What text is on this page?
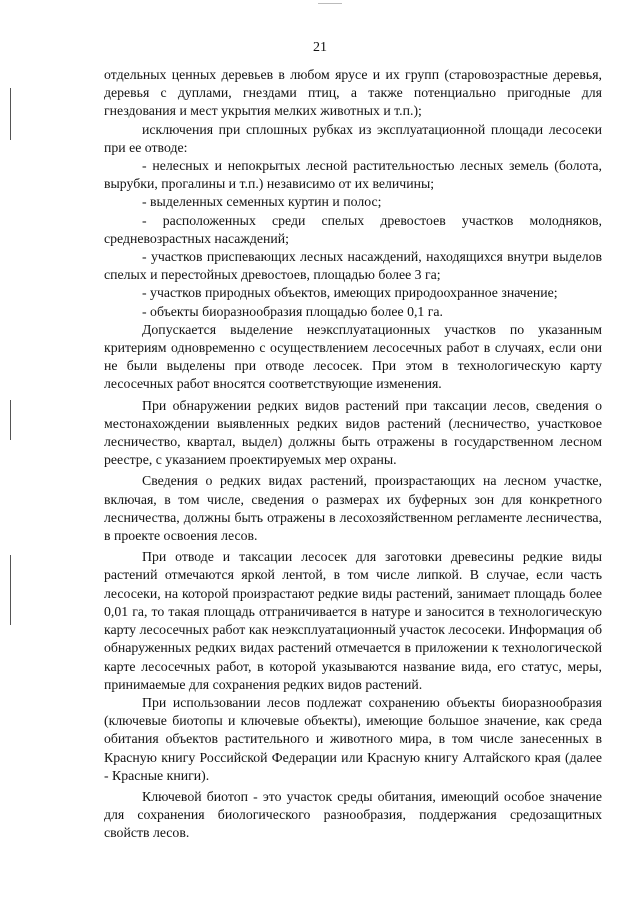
21

отдельных ценных деревьев в любом ярусе и их групп (старовозрастные деревья, деревья с дуплами, гнездами птиц, а также потенциально пригодные для гнездования и мест укрытия мелких животных и т.п.);

исключения при сплошных рубках из эксплуатационной площади лесосеки при ее отводе:

- нелесных и непокрытых лесной растительностью лесных земель (болота, вырубки, прогалины и т.п.) независимо от их величины;

- выделенных семенных куртин и полос;

- расположенных среди спелых древостоев участков молодняков, средневозрастных насаждений;

- участков приспевающих лесных насаждений, находящихся внутри выделов спелых и перестойных древостоев, площадью более 3 га;

- участков природных объектов, имеющих природоохранное значение;

- объекты биоразнообразия площадью более 0,1 га.

Допускается выделение неэксплуатационных участков по указанным критериям одновременно с осуществлением лесосечных работ в случаях, если они не были выделены при отводе лесосек. При этом в технологическую карту лесосечных работ вносятся соответствующие изменения.

При обнаружении редких видов растений при таксации лесов, сведения о местонахождении выявленных редких видов растений (лесничество, участковое лесничество, квартал, выдел) должны быть отражены в государственном лесном реестре, с указанием проектируемых мер охраны.

Сведения о редких видах растений, произрастающих на лесном участке, включая, в том числе, сведения о размерах их буферных зон для конкретного лесничества, должны быть отражены в лесохозяйственном регламенте лесничества, в проекте освоения лесов.

При отводе и таксации лесосек для заготовки древесины редкие виды растений отмечаются яркой лентой, в том числе липкой. В случае, если часть лесосеки, на которой произрастают редкие виды растений, занимает площадь более 0,01 га, то такая площадь отграничивается в натуре и заносится в технологическую карту лесосечных работ как неэксплуатационный участок лесосеки. Информация об обнаруженных редких видах растений отмечается в приложении к технологической карте лесосечных работ, в которой указываются название вида, его статус, меры, принимаемые для сохранения редких видов растений.

При использовании лесов подлежат сохранению объекты биоразнообразия (ключевые биотопы и ключевые объекты), имеющие большое значение, как среда обитания объектов растительного и животного мира, в том числе занесенных в Красную книгу Российской Федерации или Красную книгу Алтайского края (далее - Красные книги).

Ключевой биотоп - это участок среды обитания, имеющий особое значение для сохранения биологического разнообразия, поддержания средозащитных свойств лесов.
